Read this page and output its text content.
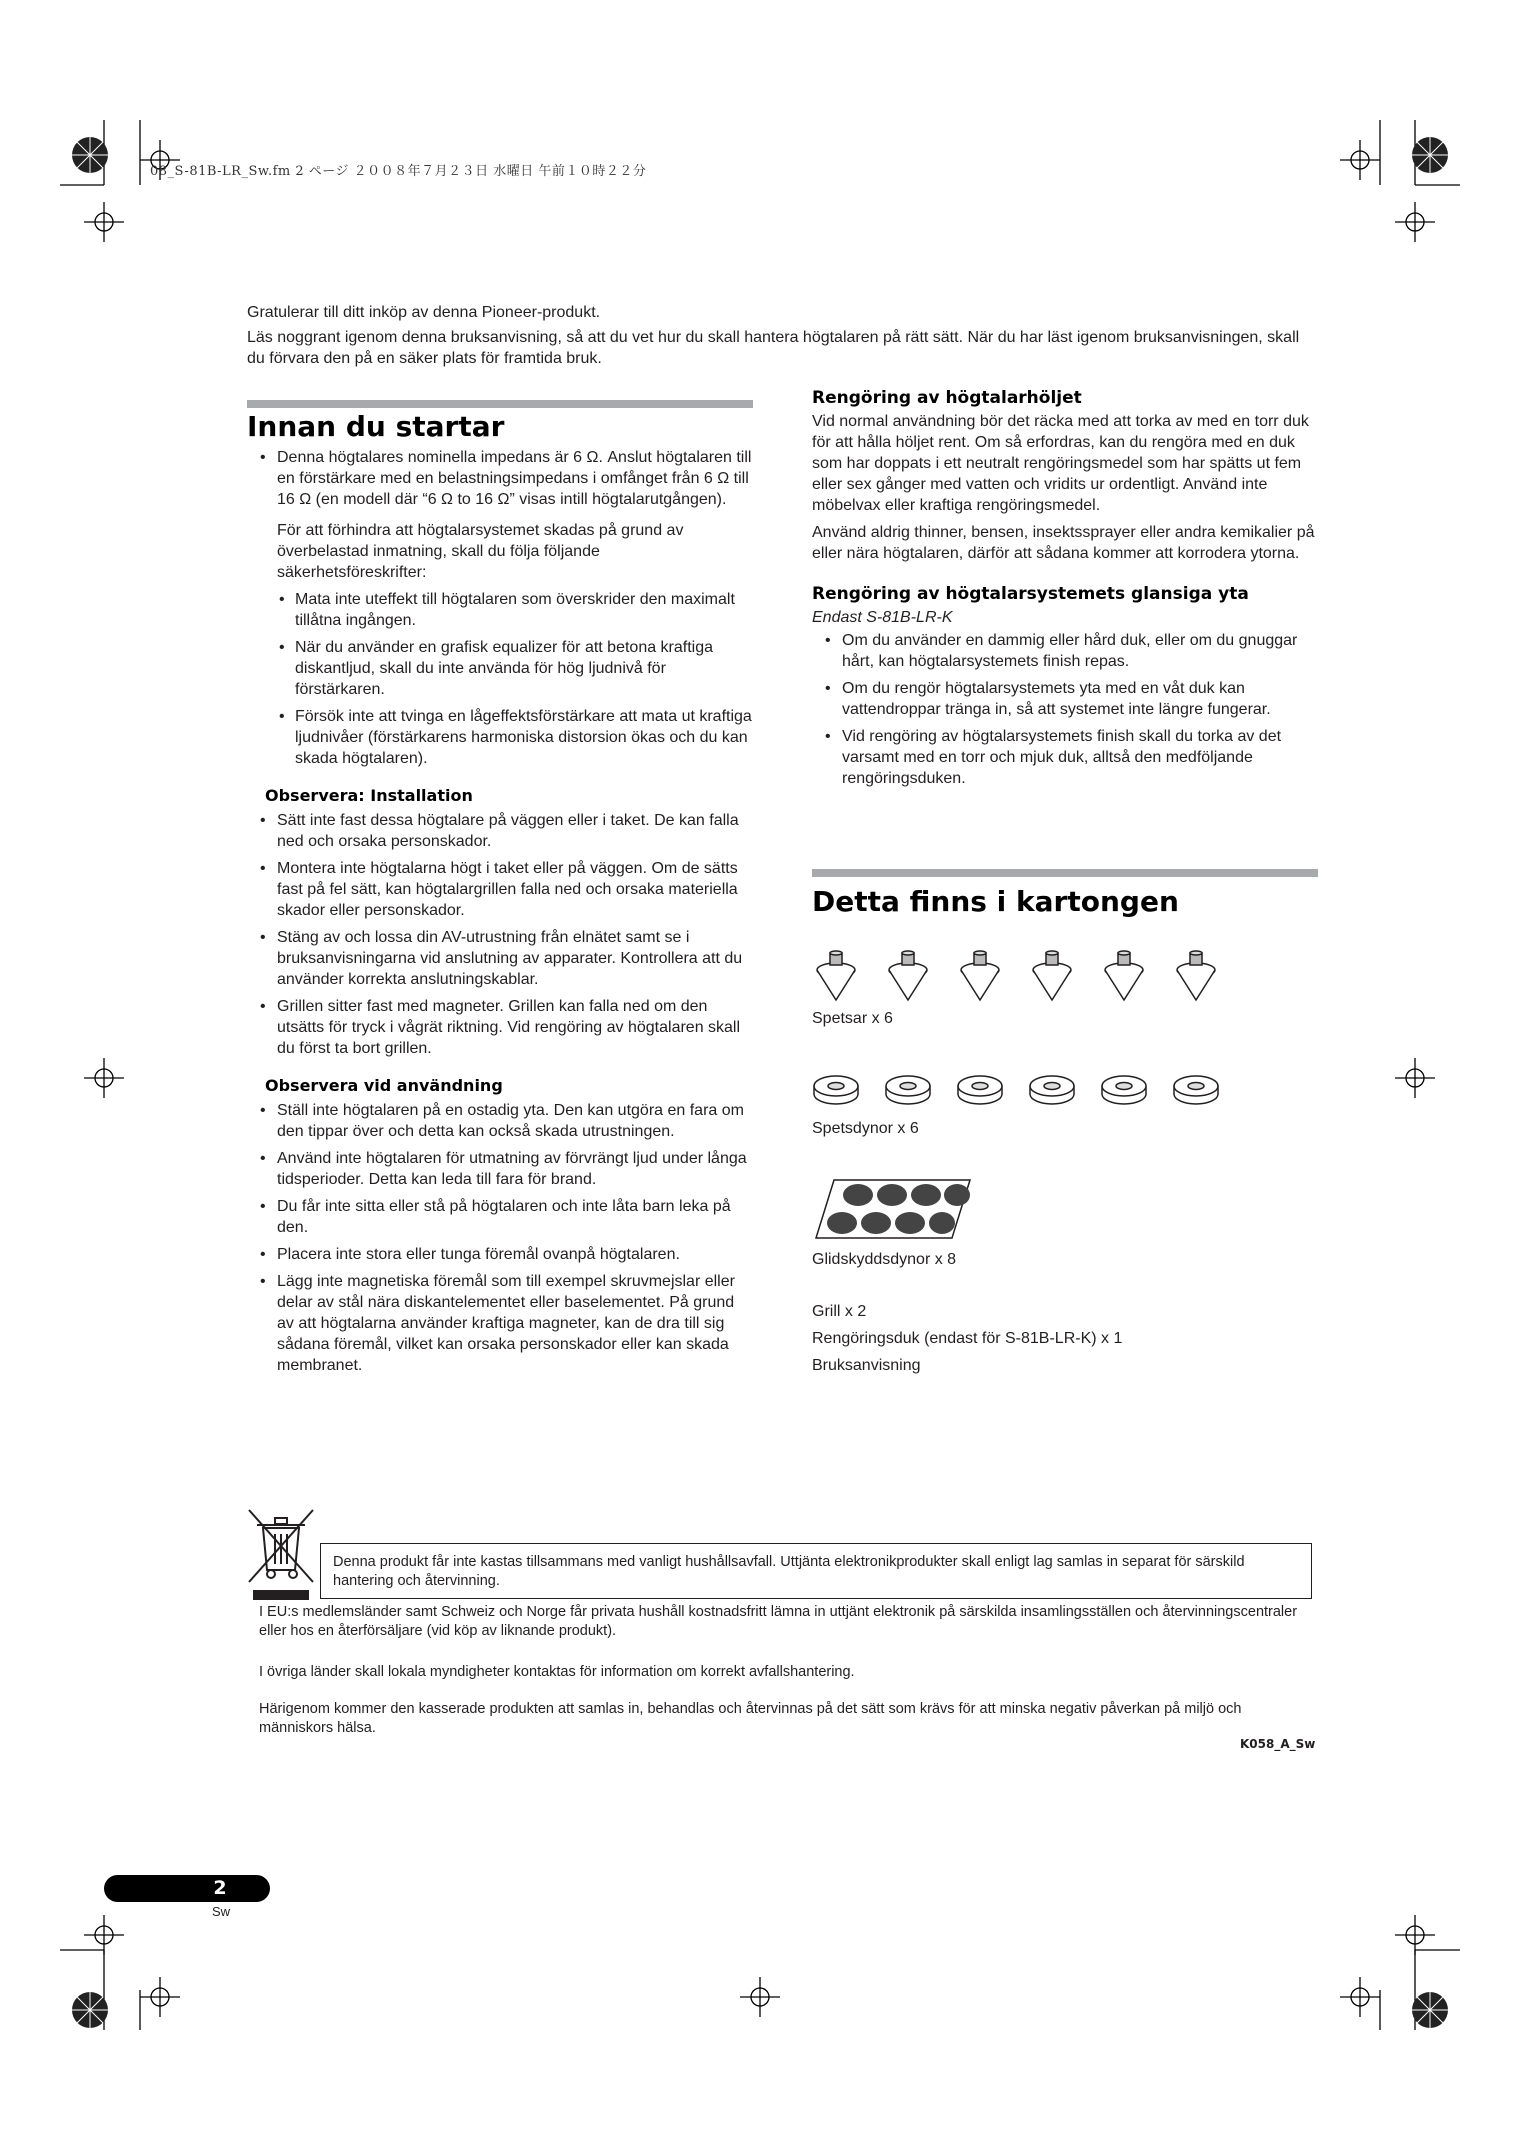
08_S-81B-LR_Sw.fm 2 ページ ２００８年７月２３日 水曜日 午前１０時２２分

Gratulerar till ditt inköp av denna Pioneer-produkt.

Läs noggrant igenom denna bruksanvisning, så att du vet hur du skall hantera högtalaren på rätt sätt. När du har läst igenom bruksanvisningen, skall du förvara den på en säker plats för framtida bruk.

Innan du startar
• Denna högtalares nominella impedans är 6 Ω. Anslut högtalaren till en förstärkare med en belastningsimpedans i omfånget från 6 Ω till 16 Ω (en modell där “6 Ω to 16 Ω” visas intill högtalarutgången).
För att förhindra att högtalarsystemet skadas på grund av överbelastad inmatning, skall du följa följande säkerhetsföreskrifter:
• Mata inte uteffekt till högtalaren som överskrider den maximalt tillåtna ingången.
• När du använder en grafisk equalizer för att betona kraftiga diskantljud, skall du inte använda för hög ljudnivå för förstärkaren.
• Försök inte att tvinga en lågeffektsförstärkare att mata ut kraftiga ljudnivåer (förstärkarens harmoniska distorsion ökas och du kan skada högtalaren).
Observera: Installation
• Sätt inte fast dessa högtalare på väggen eller i taket. De kan falla ned och orsaka personskador.
• Montera inte högtalarna högt i taket eller på väggen. Om de sätts fast på fel sätt, kan högtalargrillen falla ned och orsaka materiella skador eller personskador.
• Stäng av och lossa din AV-utrustning från elnätet samt se i bruksanvisningarna vid anslutning av apparater. Kontrollera att du använder korrekta anslutningskablar.
• Grillen sitter fast med magneter. Grillen kan falla ned om den utsätts för tryck i vågrät riktning. Vid rengöring av högtalaren skall du först ta bort grillen.
Observera vid användning
• Ställ inte högtalaren på en ostadig yta. Den kan utgöra en fara om den tippar över och detta kan också skada utrustningen.
• Använd inte högtalaren för utmatning av förvrängt ljud under långa tidsperioder. Detta kan leda till fara för brand.
• Du får inte sitta eller stå på högtalaren och inte låta barn leka på den.
• Placera inte stora eller tunga föremål ovanpå högtalaren.
• Lägg inte magnetiska föremål som till exempel skruvmejslar eller delar av stål nära diskantelementet eller baselementet. På grund av att högtalarna använder kraftiga magneter, kan de dra till sig sådana föremål, vilket kan orsaka personskador eller kan skada membranet.
Rengöring av högtalarhöljet

Vid normal användning bör det räcka med att torka av med en torr duk för att hålla höljet rent. Om så erfordras, kan du rengöra med en duk som har doppats i ett neutralt rengöringsmedel som har spätts ut fem eller sex gånger med vatten och vridits ur ordentligt. Använd inte möbelvax eller kraftiga rengöringsmedel.

Använd aldrig thinner, bensen, insektssprayer eller andra kemikalier på eller nära högtalaren, därför att sådana kommer att korrodera ytorna.

Rengöring av högtalarsystemets glansiga yta
Endast S-81B-LR-K
• Om du använder en dammig eller hård duk, eller om du gnuggar hårt, kan högtalarsystemets finish repas.
• Om du rengör högtalarsystemets yta med en våt duk kan vattendroppar tränga in, så att systemet inte längre fungerar.
• Vid rengöring av högtalarsystemets finish skall du torka av det varsamt med en torr och mjuk duk, alltså den medföljande rengöringsduken.
Detta finns i kartongen
Spetsar x 6
Spetsdynor x 6
Glidskyddsdynor x 8
Grill x 2
Rengöringsduk (endast för S-81B-LR-K) x 1
Bruksanvisning
Denna produkt får inte kastas tillsammans med vanligt hushållsavfall. Uttjänta elektronikprodukter skall enligt lag samlas in separat för särskild hantering och återvinning.
I EU:s medlemsländer samt Schweiz och Norge får privata hushåll kostnadsfritt lämna in uttjänt elektronik på särskilda insamlingsställen och återvinningscentraler eller hos en återförsäljare (vid köp av liknande produkt).
I övriga länder skall lokala myndigheter kontaktas för information om korrekt avfallshantering.
Härigenom kommer den kasserade produkten att samlas in, behandlas och återvinnas på det sätt som krävs för att minska negativ påverkan på miljö och människors hälsa.
K058_A_Sw
2
Sw
